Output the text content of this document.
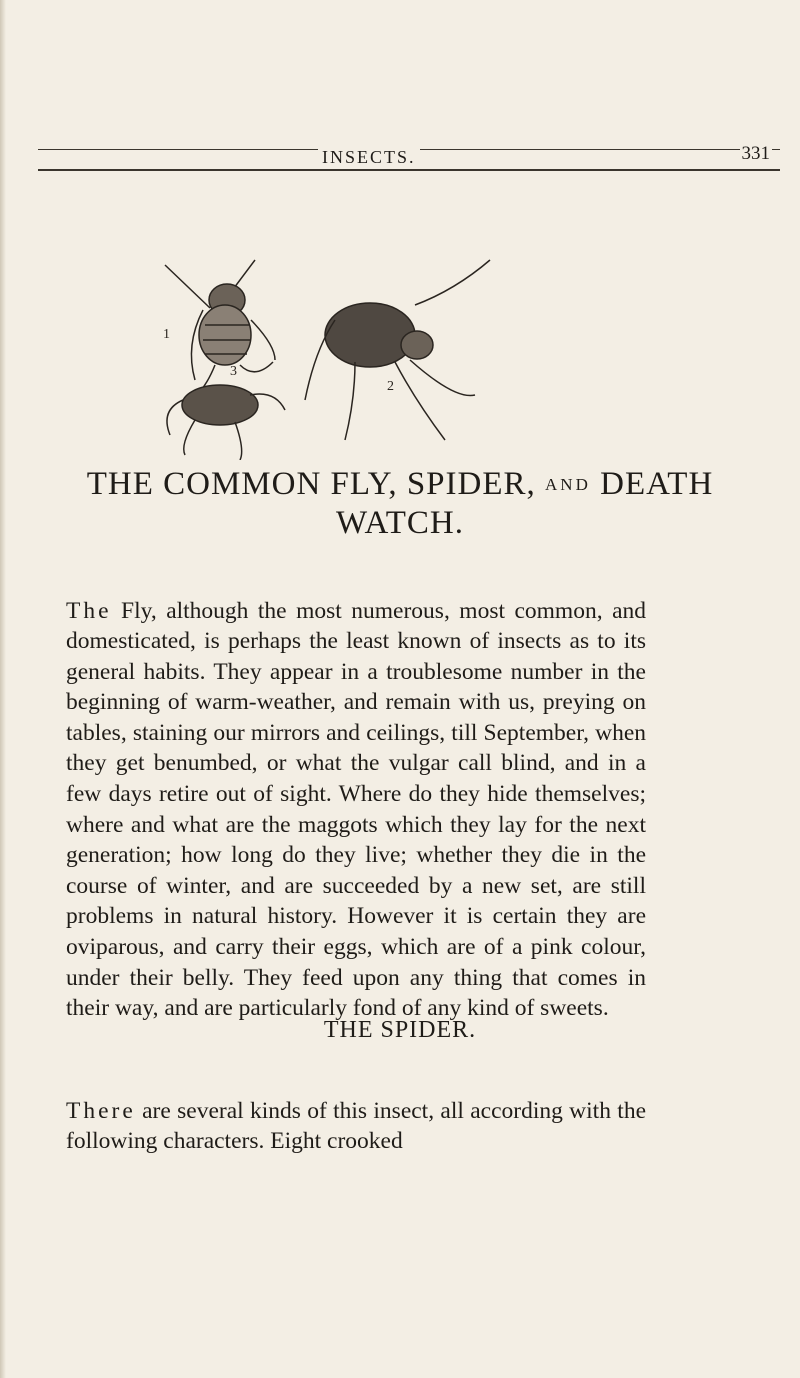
INSECTS.	331
1
2
3
THE COMMON FLY, SPIDER, AND DEATH
WATCH.

The Fly, although the most numerous, most common, and domesticated, is perhaps the least known of insects as to its general habits. They appear in a troublesome number in the beginning of warm-weather, and remain with us, preying on tables, staining our mirrors and ceilings, till September, when they get benumbed, or what the vulgar call blind, and in a few days retire out of sight. Where do they hide themselves; where and what are the maggots which they lay for the next generation; how long do they live; whether they die in the course of winter, and are succeeded by a new set, are still problems in natural history. However it is certain they are oviparous, and carry their eggs, which are of a pink colour, under their belly. They feed upon any thing that comes in their way, and are particularly fond of any kind of sweets.

THE SPIDER.

There are several kinds of this insect, all according with the following characters. Eight crooked
